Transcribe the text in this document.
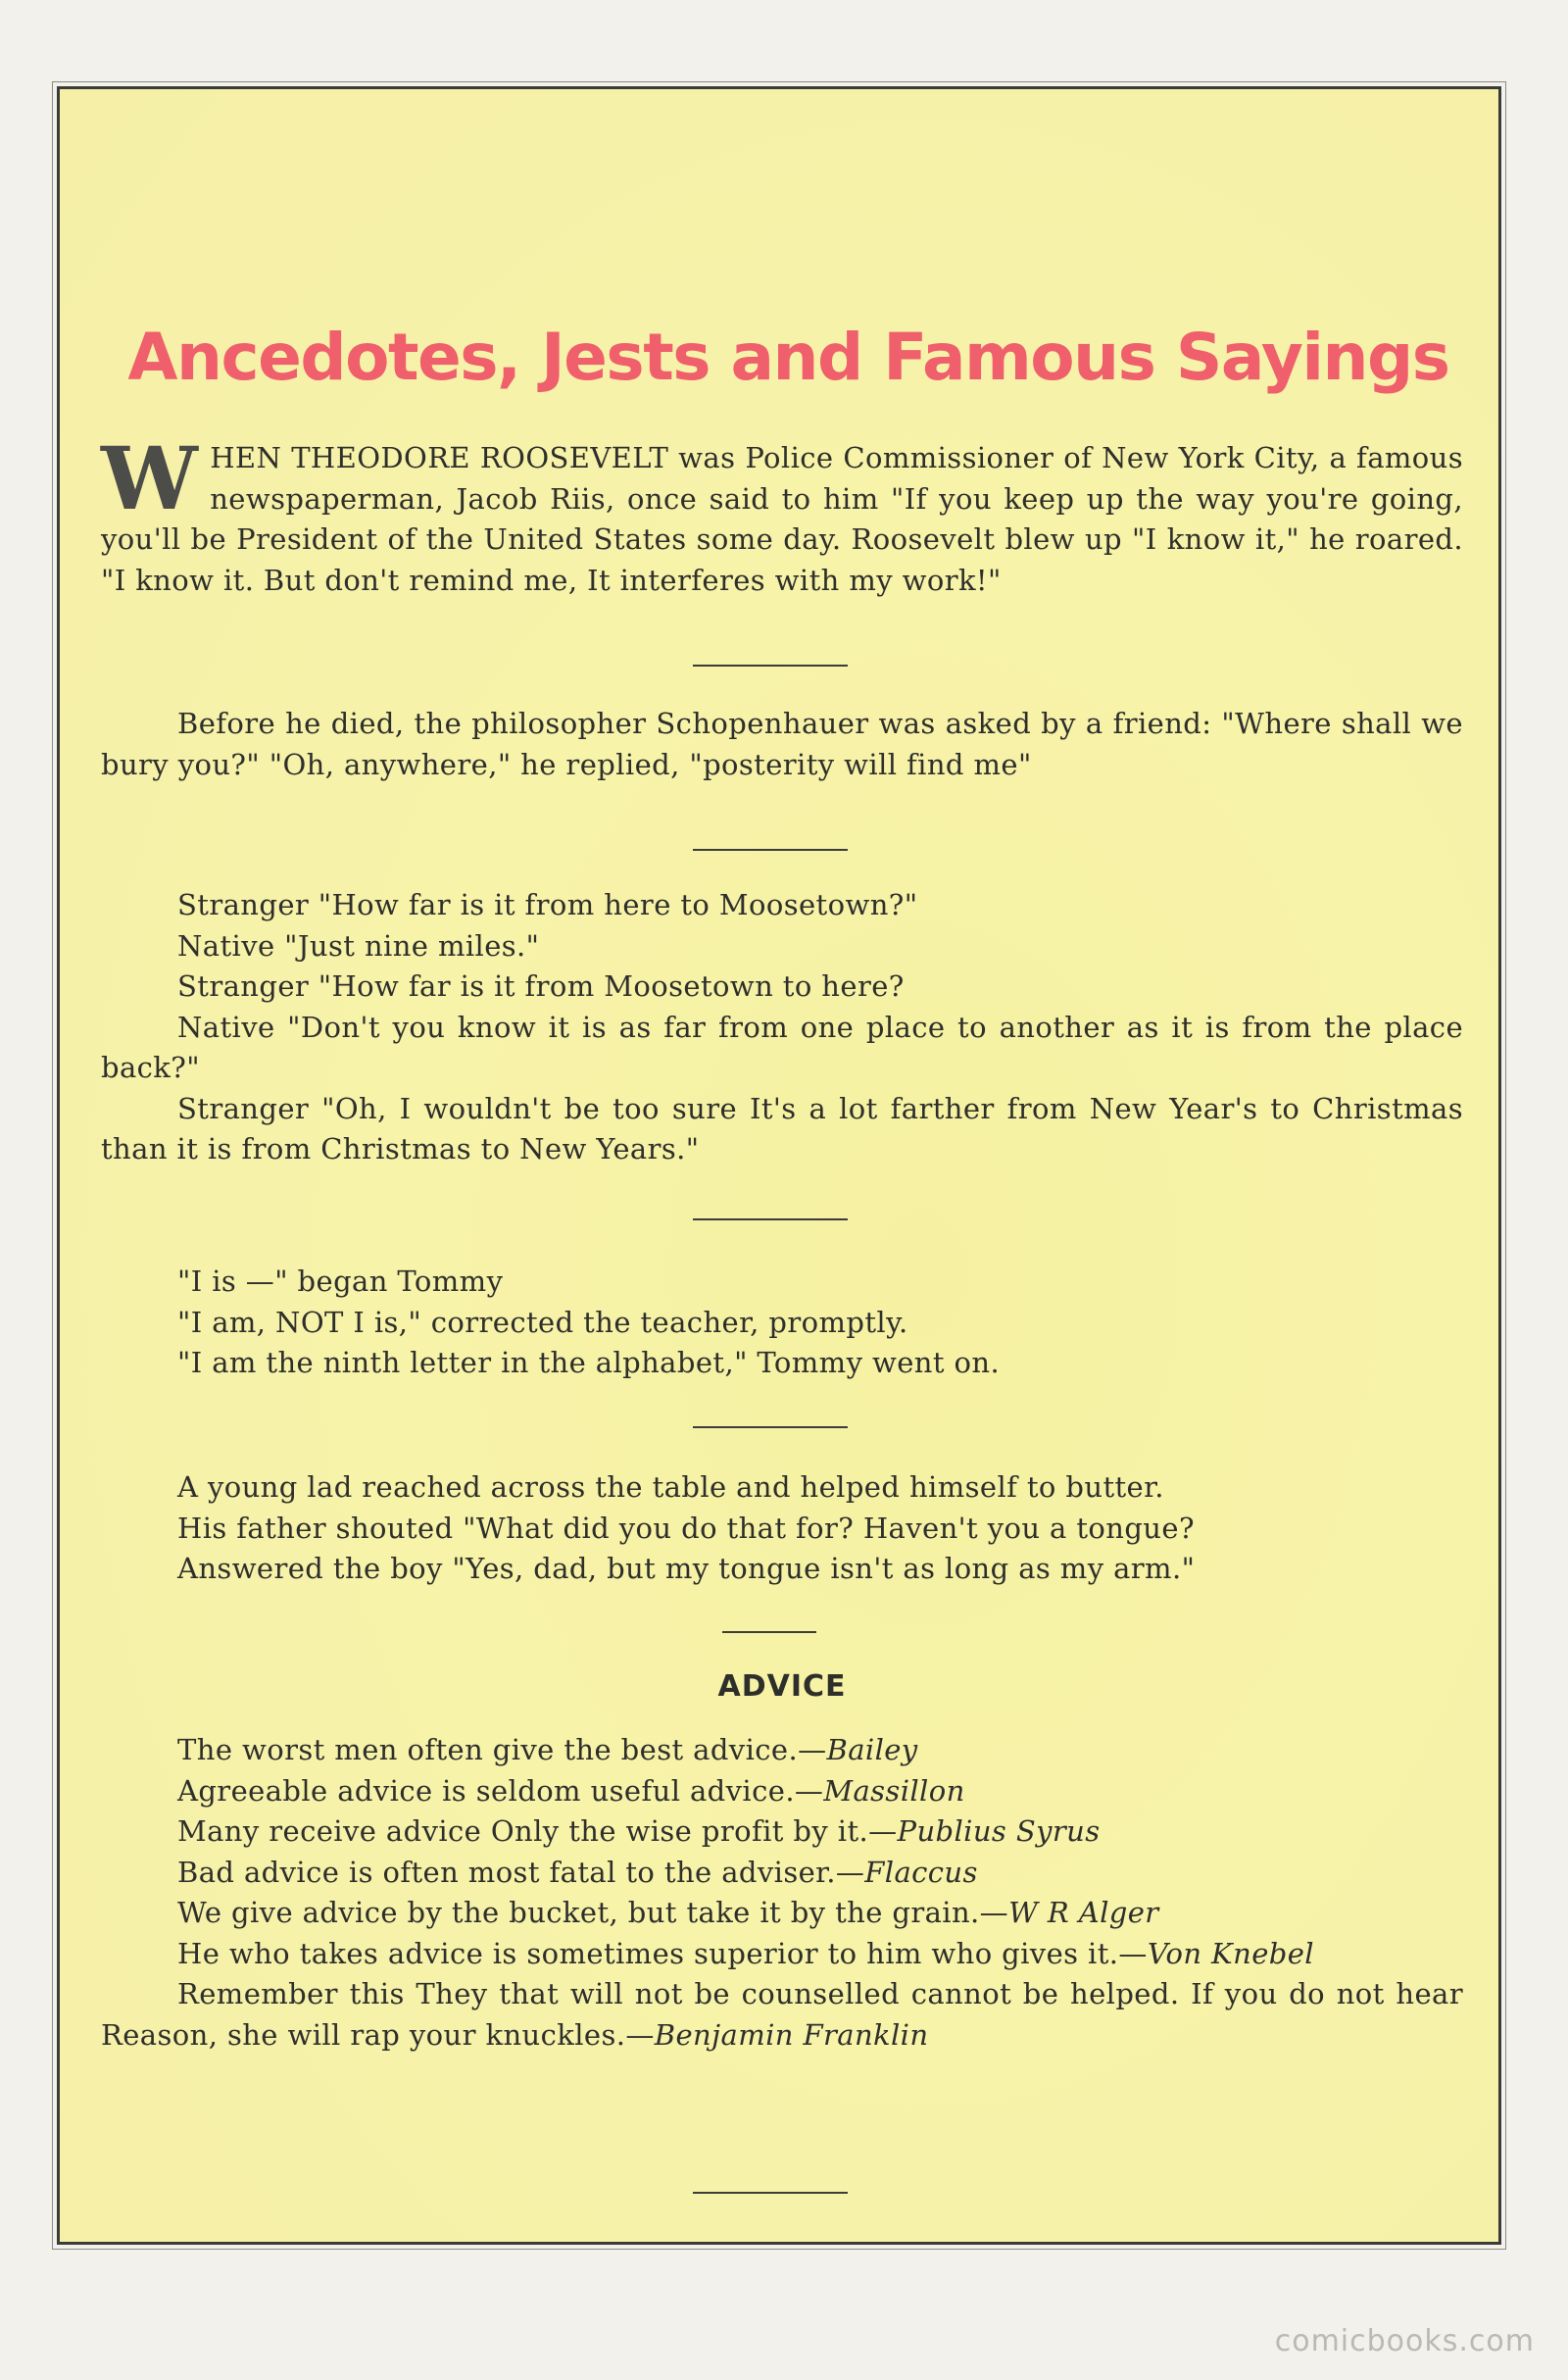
Ancedotes, Jests and Famous Sayings

WHEN THEODORE ROOSEVELT was Police Commissioner of New York City, a famous newspaperman, Jacob Riis, once said to him "If you keep up the way you're going, you'll be President of the United States some day. Roosevelt blew up "I know it," he roared. "I know it. But don't remind me, It interferes with my work!"

Before he died, the philosopher Schopenhauer was asked by a friend: "Where shall we bury you?" "Oh, anywhere," he replied, "posterity will find me"

Stranger "How far is it from here to Moosetown?"

Native "Just nine miles."

Stranger "How far is it from Moosetown to here?

Native "Don't you know it is as far from one place to another as it is from the place back?"

Stranger "Oh, I wouldn't be too sure It's a lot farther from New Year's to Christmas than it is from Christmas to New Years."

"I is —" began Tommy

"I am, NOT I is," corrected the teacher, promptly.

"I am the ninth letter in the alphabet," Tommy went on.

A young lad reached across the table and helped himself to butter.

His father shouted "What did you do that for? Haven't you a tongue?

Answered the boy "Yes, dad, but my tongue isn't as long as my arm."

ADVICE

The worst men often give the best advice.—Bailey

Agreeable advice is seldom useful advice.—Massillon

Many receive advice Only the wise profit by it.—Publius Syrus

Bad advice is often most fatal to the adviser.—Flaccus

We give advice by the bucket, but take it by the grain.—W R Alger

He who takes advice is sometimes superior to him who gives it.—Von Knebel

Remember this They that will not be counselled cannot be helped. If you do not hear Reason, she will rap your knuckles.—Benjamin Franklin

comicbooks.com
